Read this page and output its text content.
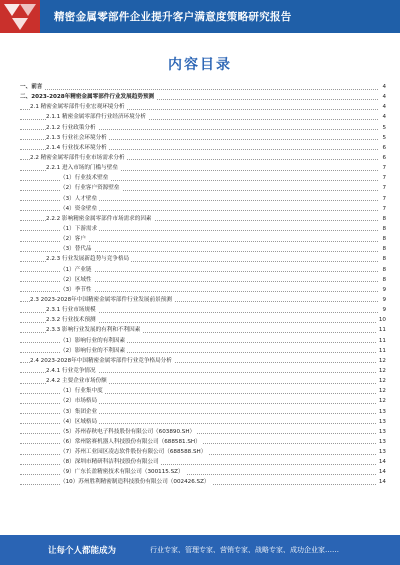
精密金属零部件企业提升客户满意度策略研究报告
内容目录
一、前言	4
二、2023-2028年精密金属零部件行业发展趋势预测	4
2.1 精密金属零部件行业宏观环境分析	4
2.1.1 精密金属零部件行业经济环境分析	4
2.1.2 行业政策分析	5
2.1.3 行业社会环境分析	5
2.1.4 行业技术环境分析	6
2.2 精密金属零部件行业市场需求分析	6
2.2.1 进入市场的门槛与壁垒	7
（1）行业技术壁垒	7
（2）行业客户资源壁垒	7
（3）人才壁垒	7
（4）资金壁垒	7
2.2.2 影响精密金属零部件市场需求的因素	8
（1）下游需求	8
（2）客户	8
（3）替代品	8
2.2.3 行业发展新趋势与竞争格局	8
（1）产业链	8
（2）区域性	8
（3）季节性	9
2.3 2023-2028年中国精密金属零部件行业发展前景预测	9
2.3.1 行业市场规模	9
2.3.2 行业技术预测	10
2.3.3 影响行业发展的有利和不利因素	11
（1）影响行业的有利因素	11
（2）影响行业的不利因素	11
2.4 2023-2028年中国精密金属零部件行业竞争格局分析	12
2.4.1 行业竞争情况	12
2.4.2 主要企业市场份额	12
（1）行业集中度	12
（2）市场格局	12
（3）集团企业	13
（4）区域格局	13
（5）苏州春秋电子科技股份有限公司（603890.SH）	13
（6）常州铭赛机器人科技股份有限公司（688581.SH）	13
（7）苏州工业园区凌志软件股份有限公司（688588.SH）	13
（8）深圳市精研科洁科技股份有限公司	14
（9）广东长盈精密技术有限公司（300115.SZ）	14
（10）苏州胜利精密制造科技股份有限公司（002426.SZ）	14
让每个人都能成为	行业专家、管理专家、营销专家、战略专家、成功企业家……
